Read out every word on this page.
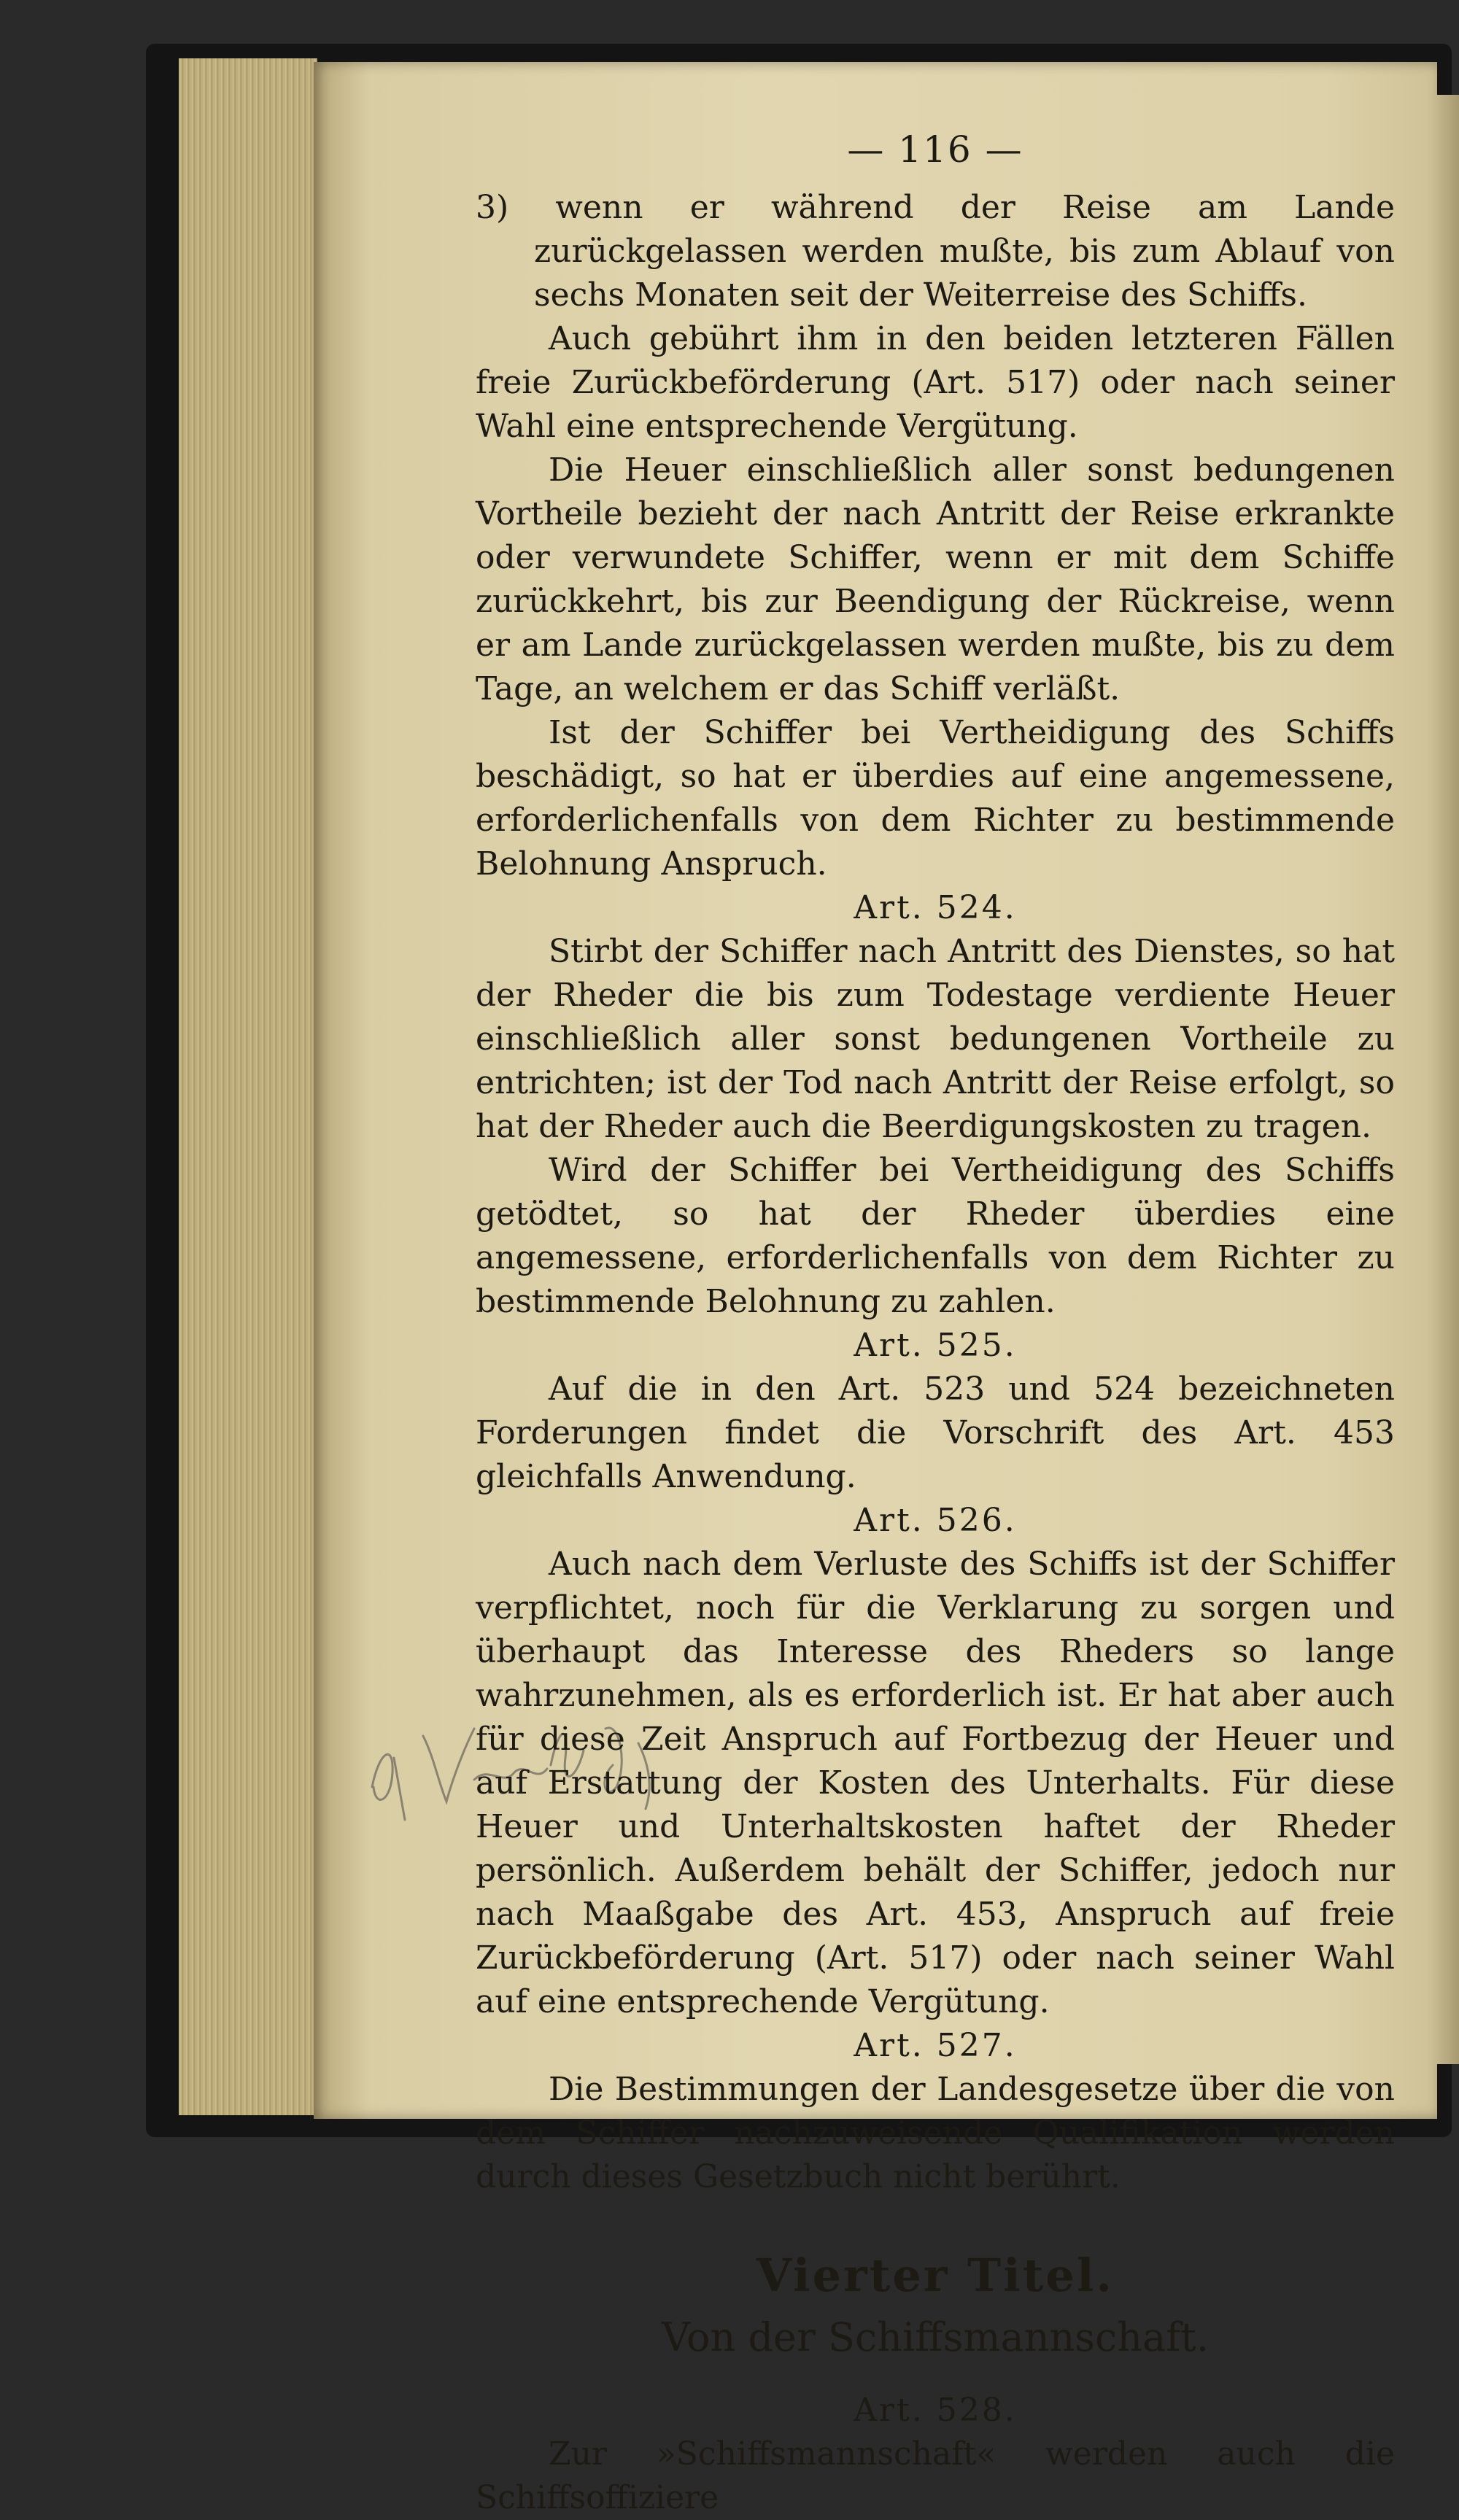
— 116 —

3) wenn er während der Reise am Lande zurückgelassen werden mußte, bis zum Ablauf von sechs Monaten seit der Weiterreise des Schiffs.

Auch gebührt ihm in den beiden letzteren Fällen freie Zurückbeförderung (Art. 517) oder nach seiner Wahl eine entsprechende Vergütung.

Die Heuer einschließlich aller sonst bedungenen Vortheile bezieht der nach Antritt der Reise erkrankte oder verwundete Schiffer, wenn er mit dem Schiffe zurückkehrt, bis zur Beendigung der Rückreise, wenn er am Lande zurückgelassen werden mußte, bis zu dem Tage, an welchem er das Schiff verläßt.

Ist der Schiffer bei Vertheidigung des Schiffs beschädigt, so hat er überdies auf eine angemessene, erforderlichenfalls von dem Richter zu bestimmende Belohnung Anspruch.

Art. 524.

Stirbt der Schiffer nach Antritt des Dienstes, so hat der Rheder die bis zum Todestage verdiente Heuer einschließlich aller sonst bedungenen Vortheile zu entrichten; ist der Tod nach Antritt der Reise erfolgt, so hat der Rheder auch die Beerdigungskosten zu tragen.

Wird der Schiffer bei Vertheidigung des Schiffs getödtet, so hat der Rheder überdies eine angemessene, erforderlichenfalls von dem Richter zu bestimmende Belohnung zu zahlen.

Art. 525.

Auf die in den Art. 523 und 524 bezeichneten Forderungen findet die Vorschrift des Art. 453 gleichfalls Anwendung.

Art. 526.

Auch nach dem Verluste des Schiffs ist der Schiffer verpflichtet, noch für die Verklarung zu sorgen und überhaupt das Interesse des Rheders so lange wahrzunehmen, als es erforderlich ist. Er hat aber auch für diese Zeit Anspruch auf Fortbezug der Heuer und auf Erstattung der Kosten des Unterhalts. Für diese Heuer und Unterhaltskosten haftet der Rheder persönlich. Außerdem behält der Schiffer, jedoch nur nach Maaßgabe des Art. 453, Anspruch auf freie Zurückbeförderung (Art. 517) oder nach seiner Wahl auf eine entsprechende Vergütung.

Art. 527.

Die Bestimmungen der Landesgesetze über die von dem Schiffer nachzuweisende Qualifikation werden durch dieses Gesetzbuch nicht berührt.

Vierter Titel.
Von der Schiffsmannschaft.

Art. 528.

Zur »Schiffsmannschaft« werden auch die Schiffsoffiziere
